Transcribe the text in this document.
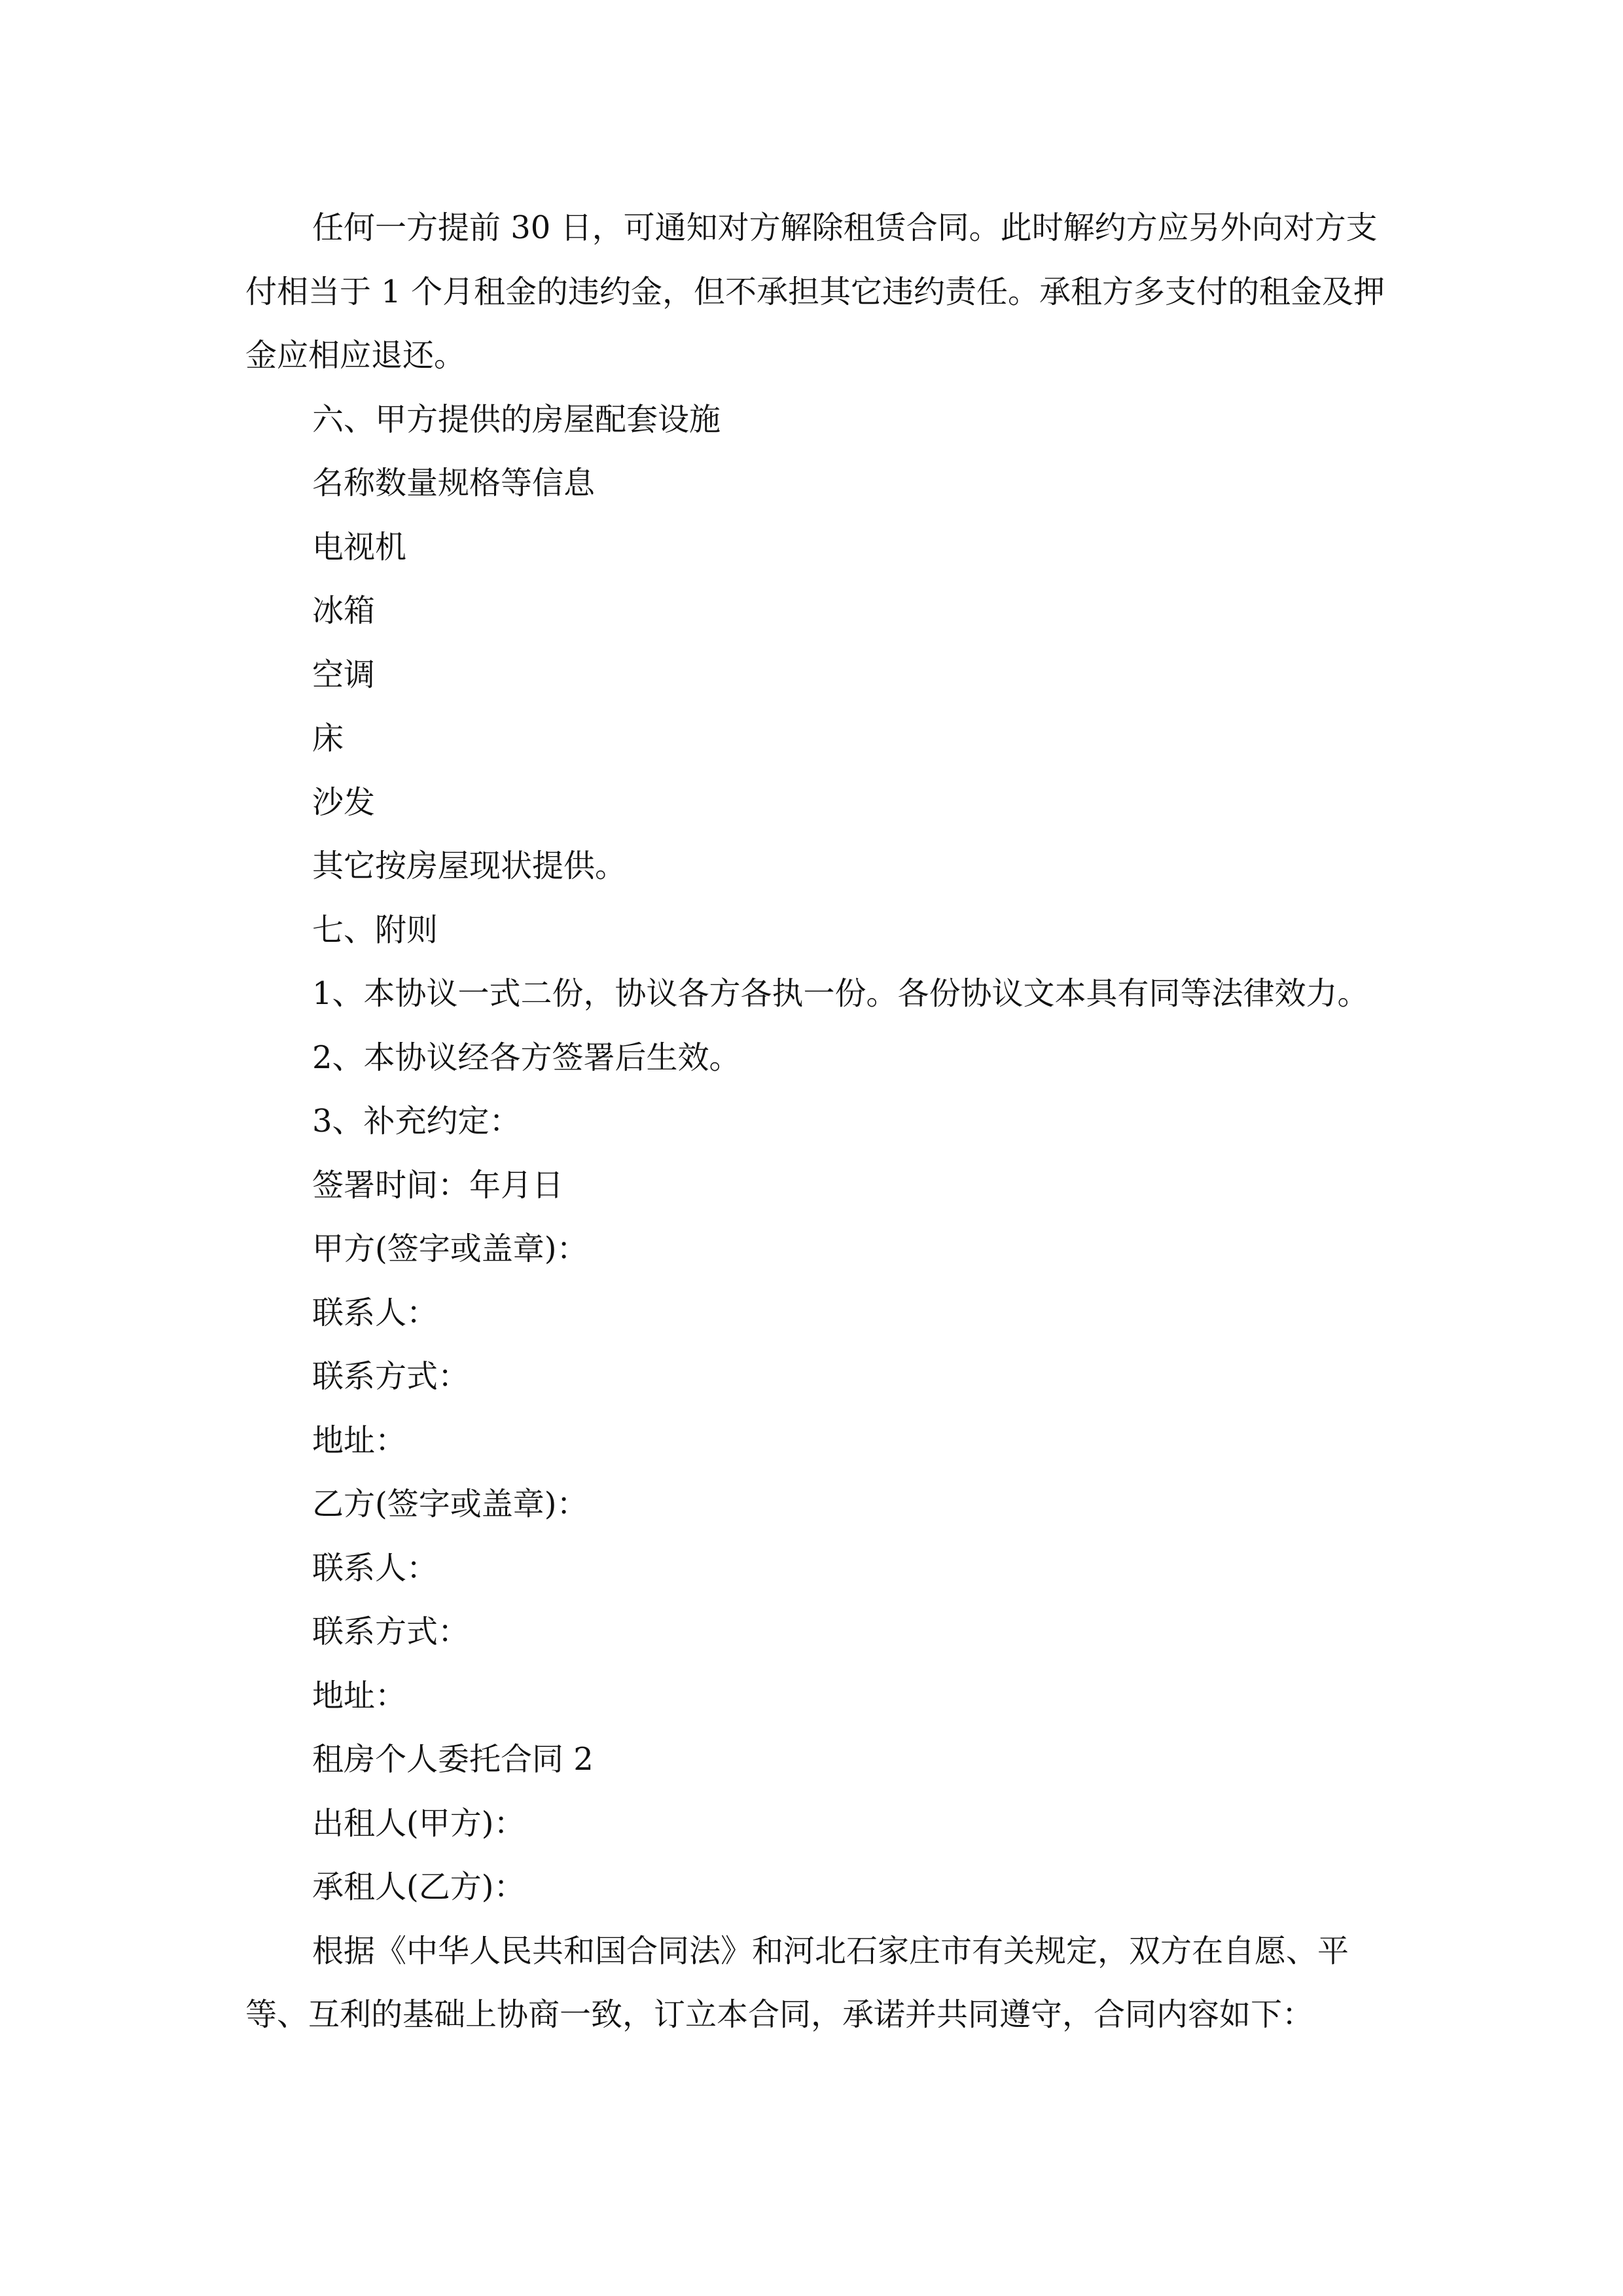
任何一方提前 30 日，可通知对方解除租赁合同。此时解约方应另外向对方支付相当于 1 个月租金的违约金，但不承担其它违约责任。承租方多支付的租金及押金应相应退还。

六、甲方提供的房屋配套设施

名称数量规格等信息

电视机

冰箱

空调

床

沙发

其它按房屋现状提供。

七、附则

1、本协议一式二份，协议各方各执一份。各份协议文本具有同等法律效力。

2、本协议经各方签署后生效。

3、补充约定：

签署时间：年月日

甲方(签字或盖章)：

联系人：

联系方式：

地址：

乙方(签字或盖章)：

联系人：

联系方式：

地址：

租房个人委托合同 2

出租人(甲方)：

承租人(乙方)：

根据《中华人民共和国合同法》和河北石家庄市有关规定，双方在自愿、平等、互利的基础上协商一致，订立本合同，承诺并共同遵守，合同内容如下：
